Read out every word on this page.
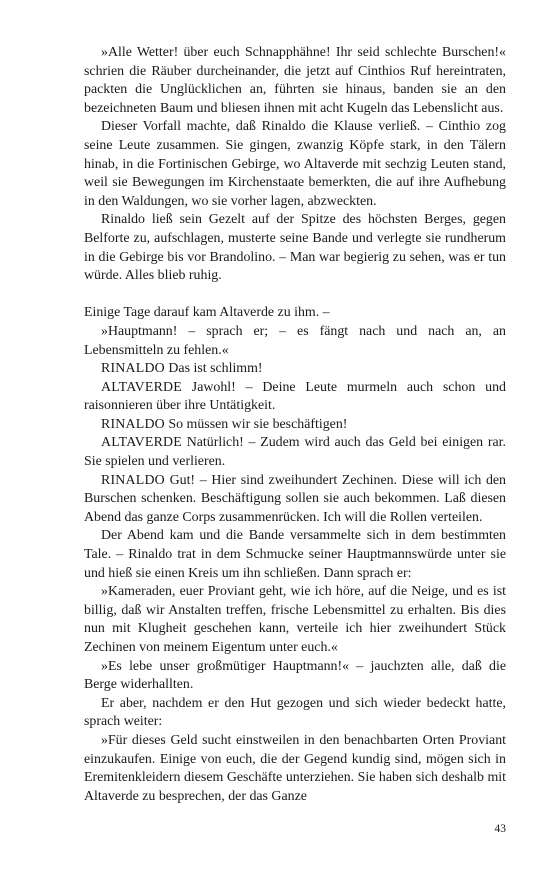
»Alle Wetter! über euch Schnapphähne! Ihr seid schlechte Burschen!« schrien die Räuber durcheinander, die jetzt auf Cinthios Ruf hereintraten, packten die Unglücklichen an, führten sie hinaus, banden sie an den bezeichneten Baum und bliesen ihnen mit acht Kugeln das Lebenslicht aus.

Dieser Vorfall machte, daß Rinaldo die Klause verließ. – Cinthio zog seine Leute zusammen. Sie gingen, zwanzig Köpfe stark, in den Tälern hinab, in die Fortinischen Gebirge, wo Altaverde mit sechzig Leuten stand, weil sie Bewegungen im Kirchenstaate bemerkten, die auf ihre Aufhebung in den Waldungen, wo sie vorher lagen, abzweckten.

Rinaldo ließ sein Gezelt auf der Spitze des höchsten Berges, gegen Belforte zu, aufschlagen, musterte seine Bande und verlegte sie rundherum in die Gebirge bis vor Brandolino. – Man war begierig zu sehen, was er tun würde. Alles blieb ruhig.

Einige Tage darauf kam Altaverde zu ihm. –

»Hauptmann! – sprach er; – es fängt nach und nach an, an Lebensmitteln zu fehlen.«

RINALDO Das ist schlimm!

ALTAVERDE Jawohl! – Deine Leute murmeln auch schon und raisonnieren über ihre Untätigkeit.

RINALDO So müssen wir sie beschäftigen!

ALTAVERDE Natürlich! – Zudem wird auch das Geld bei einigen rar. Sie spielen und verlieren.

RINALDO Gut! – Hier sind zweihundert Zechinen. Diese will ich den Burschen schenken. Beschäftigung sollen sie auch bekommen. Laß diesen Abend das ganze Corps zusammenrücken. Ich will die Rollen verteilen.

Der Abend kam und die Bande versammelte sich in dem bestimmten Tale. – Rinaldo trat in dem Schmucke seiner Hauptmannswürde unter sie und hieß sie einen Kreis um ihn schließen. Dann sprach er:

»Kameraden, euer Proviant geht, wie ich höre, auf die Neige, und es ist billig, daß wir Anstalten treffen, frische Lebensmittel zu erhalten. Bis dies nun mit Klugheit geschehen kann, verteile ich hier zweihundert Stück Zechinen von meinem Eigentum unter euch.«

»Es lebe unser großmütiger Hauptmann!« – jauchzten alle, daß die Berge widerhallten.

Er aber, nachdem er den Hut gezogen und sich wieder bedeckt hatte, sprach weiter:

»Für dieses Geld sucht einstweilen in den benachbarten Orten Proviant einzukaufen. Einige von euch, die der Gegend kundig sind, mögen sich in Eremitenkleidern diesem Geschäfte unterziehen. Sie haben sich deshalb mit Altaverde zu besprechen, der das Ganze

43
